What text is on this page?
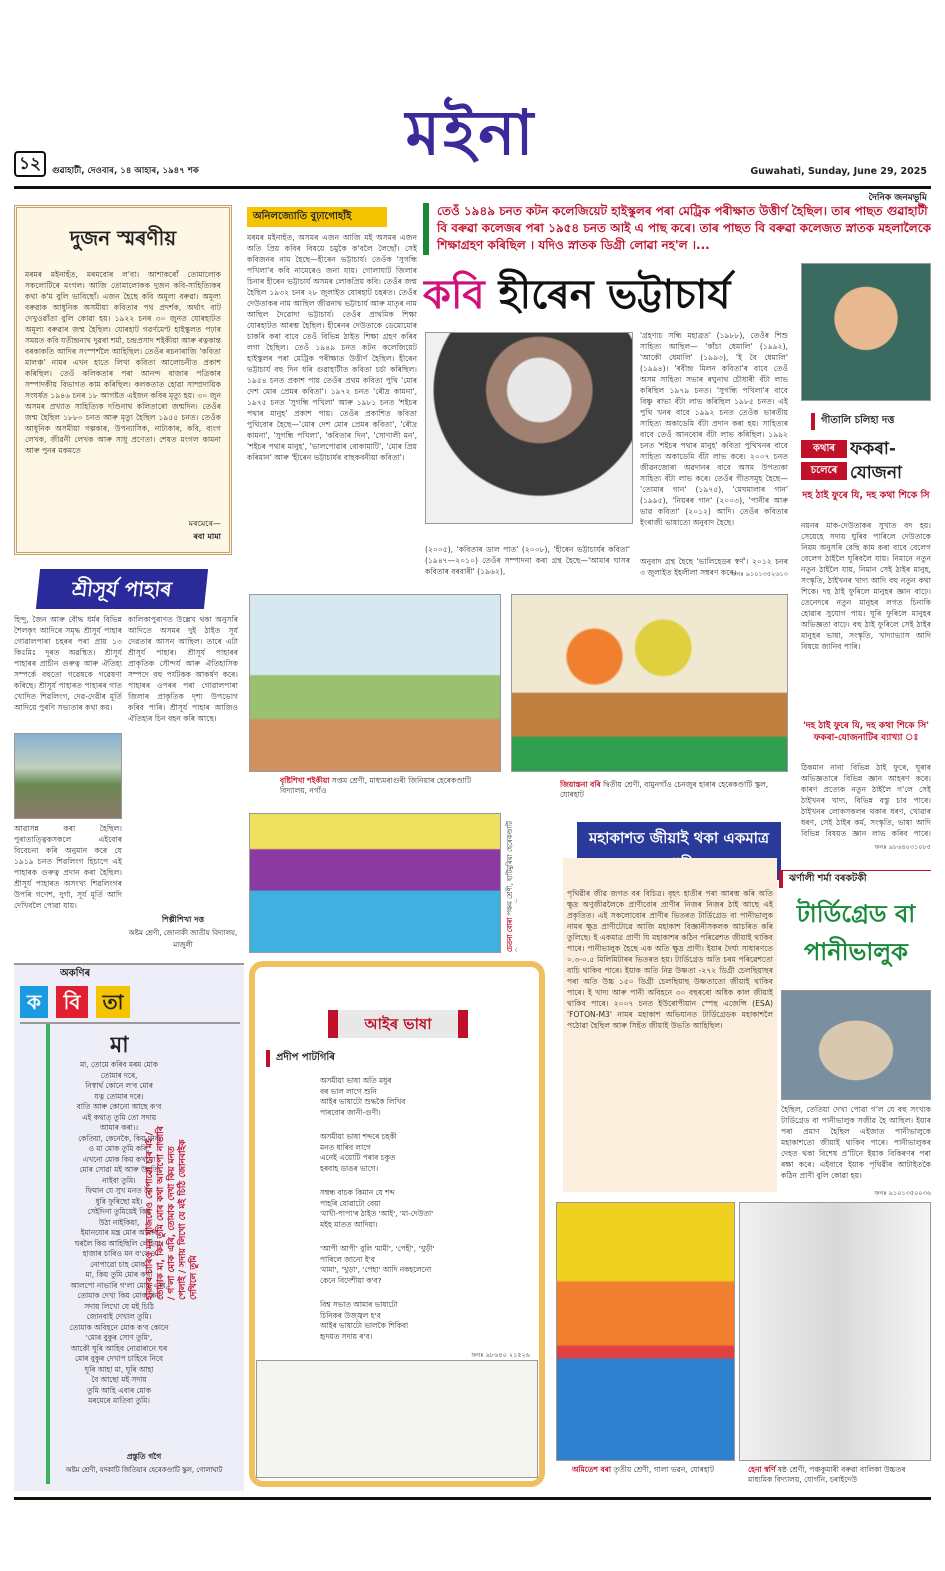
মইনা
১২	গুৱাহাটী, দেওবাৰ, ১৪ আহাৰ, ১৯৪৭ শক	Guwahati, Sunday, June 29, 2025
দৈনিক জনমভূমি
দুজন স্মৰণীয়
মৰমৰ মইনাহঁত, মৰমবোৰ ল'বা। আশাকৰোঁ তোমালোক সকলোটিৰে মংগল। আজি তোমালোকক দুজন কবি-সাহিত্যিকৰ কথা ক'ম বুলি ভাবিছোঁ। এজন হৈছে কবি অমূল্য বৰুৱা। অমূল্য বৰুৱাক আধুনিক অসমীয়া কবিতাৰ পথ প্ৰদৰ্শক, অৰ্থাৎ বাট দেখুওৱাঁতা বুলি কোৱা হয়। ১৯২২ চনৰ ৩০ জুনত যোৰহাটত অমূল্য বৰুৱাৰ জন্ম হৈছিল। যোৰহাট গৱৰ্ণমেণ্ট হাইস্কুলত পঢ়াৰ সময়ত কবি যতীন্দ্ৰনাথ দুৱৰা শৰ্মা, চন্দ্ৰপ্ৰসাদ শইকীয়া আৰু ৰত্নকান্ত বৰকাকতি আদিৰ সংস্পৰ্শলৈ আহিছিল। তেওঁৰ ৰচনাৰাজি 'কবিতা মালঞ্চ' নামৰ এখন হাতে লিখা কবিতা আলোচনীত প্ৰকাশ কৰিছিল। তেওঁ কলিকতাৰ পৰা আনন্দ বাজাৰ পত্ৰিকাৰ সম্পাদকীয় বিভাগত কাম কৰিছিল। কলকতাত হোৱা সাম্প্ৰদায়িক সংঘৰ্ষত ১৯৪৬ চনৰ ১৮ আগষ্টত এইজন কবিৰ মৃত্যু হয়। ৩০ জুন অসমৰ প্ৰখ্যাত সাহিত্যিক দণ্ডিনাথ কলিতাৰো জন্মদিন। তেওঁৰ জন্ম হৈছিল ১৮৮০ চনত আৰু মৃত্যু হৈছিল ১৯৫৫ চনত। তেওঁক আধুনিক অসমীয়া গল্পকাৰ, উপন্যাসিক, নাট্যকাৰ, কবি, ব্যংগ লেখক, জীৱনী লেখক আৰু সাধু প্ৰণেতা। শেষত মংগল কামনা আৰু পুনৰ মকমতে
মৰমেৰে—
ৰবা মামা
শ্ৰীসূৰ্য পাহাৰ
হিন্দু, জৈন আৰু বৌদ্ধ ধৰ্মৰ বিভিন্ন শৈলকৃৎ আদিৰে সমৃদ্ধ শ্ৰীসূৰ্য পাহাৰ গোৱালপাৰা চহৰৰ পৰা প্ৰায় ১৩ কিঃমিঃ দূৰত অৱস্থিত। শ্ৰীসূৰ্য পাহাৰৰ প্ৰাচীন গুৰুত্ব আৰু ঐতিহ্য সম্পৰ্কে বহুতো গৱেষকে গৱেষণা কৰিছে। শ্ৰীসূৰ্য পাহাৰত পাহাৰৰ গাত খোদিত শিৱলিংগ, দেৱ-দেৱীৰ মূৰ্তি আদিয়ে পুৰণি সভ্যতাৰ কথা কয়।
আৱাসন্ন কৰা হৈছিল। পুৰাতাত্ত্বিকসকলে এইবোৰ বিবেচনা কৰি অনুমান কৰে যে ১৯১৯ চনত শিৱলিংগ হিচাপে এই পাহাৰক গুৰুত্ব প্ৰদান কৰা হৈছিল। শ্ৰীসূৰ্য পাহাৰত অসংখ্য শিৱলিংগৰ উপৰি গণেশ, দুৰ্গা, সূৰ্য মূৰ্তি আদি দেখিবলৈ পোৱা যায়।
কালিকাপুৰাণত উল্লেখ থকা অনুসৰি আদিতে অসমৰ দুই ঠাইত সূৰ্য দেৱতাৰ আসন আছিল। তাৰে এটা শ্ৰীসূৰ্য পাহাৰ। শ্ৰীসূৰ্য পাহাৰৰ প্ৰাকৃতিক সৌন্দৰ্য আৰু ঐতিহাসিক সম্পদে বহু পৰ্যটকক আকৰ্ষণ কৰে। পাহাৰৰ ওপৰৰ পৰা গোৱালপাৰা জিলাৰ প্ৰাকৃতিক দৃশ্য উপভোগ কৰিব পাৰি। শ্ৰীসূৰ্য পাহাৰ আজিও ঐতিহ্যৰ চিন বহন কৰি আছে।
শিল্পীশিখা দত্ত
অষ্টম শ্ৰেণী, জোনাকী জাতীয় বিদ্যালয়, মাজুলী
অকণিৰ
ক	বি	তা
মা
মা, তোমে কৰিব মৰম মোক
তোমাৰ দৰে,
নিস্বাৰ্থ কোনে ল'ব মোৰ
যত্ন তোমাৰ দৰে।
বাতি আৰু কোনো আছে ক'ব
এই কথাত্ তুমি তো সদায়
আমাৰ কৰা।।
কেতিয়া, কেনেকৈ, কিয় থাক
ও মা মোক তুমি কৰি,
এখনো মোক কিয় কখনো
মোৰ সোৱা মই আৰু উমতি
নাইবা তুমি।
ফিমান যে সুখ মনত তৈ
ধুৰি ফুৰিছো মই।
সেইদিনা তুমিয়েই কিয়
উঠা নাইকিয়া,
ইমানযোৰ মন্ত্ৰ মোৰ আমাৰ
ঘৰলৈ কিয় আহিছিলি লেহিয়া।
হাজাৰ চাৰিও মন ব'লেও
নোপাৱো চাহ মোক,
মা, কিয় তুমি মোৰ কথা
আলপো নাভাৰি গ'লা মোক এৰি,
তোমাক দেখা কিয় মোক কিয়
সদায় লিখো যে মই চিঠি
জোনবাই দেখাল তুমি।
তোমাক অবিহনে মোক ক'ব কোনে
'মোৰ বুকুৰ সোণ তুমি',
আকৌ ঘূৰি আহিব নোৱাৰানে ঘৰ
মোৰ বুকুৰ দেখাপ চাহিবে নিবে
ঘূৰি আহা মা, ঘূৰি আহা
বৈ আছো মই সদায়
তুমি আহি এবাৰ মোক
মৰমেৰে মাতিবা তুমি।
হাজাৰ চাৰিও মন খুজিলেও নোপাৱো চাৰ মই / তোমাক মা, কিয় তুমি মোৰ কথা আলপো নাভাৰি / গ'লা মোক এৰি, তোমাক দেখা কিয় মনত পেলাই / সদায় লিখো যে মই চিঠি জোনবাইক দেখিলে তুমি
প্ৰস্তুতি গগৈ
অষ্টম শ্ৰেণী, যদকাটি জিতিয়াৰ হেৰেকণ্ডাটি স্কুল, গোলাঘাট
অনিলজ্যোতি বুঢ়াগোহাঁই	তেওঁ ১৯৪৯ চনত কটন কলেজিয়েট হাইস্কুলৰ পৰা মেট্ৰিক পৰীক্ষাত উত্তীৰ্ণ হৈছিল। তাৰ পাছত গুৱাহাটী বি বৰুৱা কলেজৰ পৰা ১৯৫৪ চনত আই এ পাছ কৰে। তাৰ পাছত বি বৰুৱা কলেজত স্নাতক মহলালৈকে শিক্ষাগ্ৰহণ কৰিছিল । যদিও স্নাতক ডিগ্ৰী লোৱা নহ'ল ।...
কবি হীৰেন ভট্টাচাৰ্য
মৰমৰ মইনাহঁত, অসমৰ এজন আজি মই অসমৰ এজন অতি প্ৰিয় কবিৰ বিষয়ে চমুকৈ ক'বলৈ লৈছোঁ। সেই কবিজনৰ নাম হৈছে—হীৰেন ভট্টাচাৰ্য। তেওঁক 'সুগন্ধি পখিলা'ৰ কবি নামেৰেও জনা যায়। গোলাঘাট জিলাৰ চিনাৰ হীৰেন ভট্টাচাৰ্য অসমৰ লোকপ্ৰিয় কবি। তেওঁৰ জন্ম হৈছিল ১৯৩২ চনৰ ২৮ জুলাইত যোৰহাট চহৰত। তেওঁৰ দেউতাকৰ নাম আছিল জীৱনাথ ভট্টাচাৰ্য আৰু মাতৃৰ নাম আছিল দৈৱোদা ভট্টাচাৰ্য। তেওঁৰ প্ৰাথমিক শিক্ষা যোৰহাটত আৰম্ভ হৈছিল। হীৰেনৰ দেউতাকে ডেমোমোৰ চাকৰি কৰা বাবে তেওঁ বিভিন্ন ঠাইত শিক্ষা গ্ৰহণ কৰিব লগা হৈছিল। তেওঁ ১৯৪৯ চনত কটন কলেজিয়েট হাইস্কুলৰ পৰা মেট্ৰিক পৰীক্ষাত উত্তীৰ্ণ হৈছিল। হীৰেন ভট্টাচাৰ্য বহু দিন ধৰি গুৱাহাটীত কবিতা চৰ্চা কৰিছিল। ১৯৫৪ চনত প্ৰকাশ পায় তেওঁৰ প্ৰথম কবিতা পুথি 'মোৰ দেশ মোৰ প্ৰেমৰ কবিতা'। ১৯৭২ চনত 'ৰৌদ্ৰ কামনা', ১৯৭৫ চনত 'সুগন্ধি পখিলা' আৰু ১৯৮১ চনত 'শইচৰ পথাৰ মানুহ' প্ৰকাশ পায়। তেওঁৰ প্ৰকাশিত কবিতা পুথিবোৰ হৈছে—'মোৰ দেশ মোৰ প্ৰেমৰ কবিতা', 'ৰৌদ্ৰ কামনা', 'সুগন্ধি পখিলা', 'কবিতাৰ দিন', 'সোণালী মন', 'শইচৰ পথাৰ মানুহ', 'ভালপোৱাৰ বোকামাটি', 'মোৰ প্ৰিয় কৰিমান' আৰু 'হীৰেন ভট্টাচাৰ্যৰ বাছকবনীয়া কবিতা'।
'গ্ৰহণ্যচ সন্ধি মহাব্ৰত' (১৯৮৮), তেওঁৰ শিশু সাহিত্য আছিল— 'কাঁচা ধেমালি' (১৯৯২), 'আকৌ ধেমালি' (১৯৯৩), 'ই বৈ ধেমালি' (১৯৯৪)। 'ৰবীন্দ্ৰ মিলন কবিতা'ৰ বাবে তেওঁ অসম সাহিত্য সভাৰ ৰঘুনাথ চৌধাৰী বঁটা লাভ কৰিছিল ১৯৭৯ চনত। 'সুগন্ধি পখিলা'ৰ বাবে বিষ্ণু ৰাভা বঁটা লাভ কৰিছিল ১৯৮৫ চনত। এই পুথি খনৰ বাবে ১৯৯২ চনত তেওঁক ভাৰতীয় সাহিত্য অকাডেমি বঁটা প্ৰদান কৰা হয়। সাহিত্যৰ বাবে তেওঁ আনবোৰ বঁটা লাভ কৰিছিল। ১৯৯২ চনত 'শইচৰ পথাৰ মানুহ' কবিতা পুথিখনৰ বাবে সাহিত্য অকাডেমি বঁটা লাভ কৰে। ২০০৭ চনত জীৱনজোৰা অৱদানৰ বাবে অসম উপত্যকা সাহিত্য বঁটা লাভ কৰে। তেওঁৰ গীতসমূহ হৈছে— 'তোমাৰ গান' (১৯৭৫), 'মেঘমালাৰ গান' (১৯৯৫), 'নিয়ৰৰ গান' (২০০৩), 'পানীৰ আৰু ভাৱ কবিতা' (২০১২) আদি। তেওঁৰ কবিতাৰ ইংৰাজী ভাষাতো অনুবাদ হৈছে।
(২০০৫), 'কবিতাৰ ডাল পাত' (২০০৮), 'হীৰেন ভট্টাচাৰ্যৰ কবিতা' (১৯৪৭—২০১০) তেওঁৰ সম্পাদনা কৰা গ্ৰন্থ হৈছে—'আমাৰ ঘাসৰ কবিতাৰ বৰবাৰী' (১৯৬২),
অনুবাদ গ্ৰন্থ হৈছে 'ভালিহেডৰ স্বৰ্ণ'। ২০১২ চনৰ ৩ জুলাইত ইহলীলা সম্বৰণ কৰে।
ফনঃ ৯১০১৩৫২৬১৩
গীতালি চলিহা দত্ত
কথাৰ
চলেৰে
ফকৰা-যোজনা
দহ ঠাই ফুৰে যি, দহ কথা শিকে সি
নয়নৰ মাক-দেউতাকৰ সুখাত বদ হয়। সেয়েহে সদায় ঘুৰিব পাৰিলে দেউতাকে নিয়ম অনুসৰি বেছি কাম কৰা বাবে বেলেগ বেলেগ ঠাইলৈ ঘূৰিবলৈ যায়। নিমানে নতুন নতুন ঠাইলৈ যায়, নিমান সেই ঠাইৰ মানুহ, সংস্কৃতি, ঠাইখনৰ খাদ্য আদি বহু নতুন কথা শিকে। দহ ঠাই ফুৰিলে মানুহৰ জ্ঞান বাঢ়ে। তেনেদৰে নতুন মানুহৰ লগত চিনাকি হোৱাৰ সুযোগ পায়। ঘূৰি ফুৰিলে মানুহৰ অভিজ্ঞতা বাঢ়ে। বহু ঠাই ফুৰিলে সেই ঠাইৰ মানুহৰ ভাষা, সংস্কৃতি, খাদ্যাভ্যাস আদি বিষয়ে জানিব পাৰি।
'দহ ঠাই ফুৰে যি, দহ কথা শিকে সি' ফকৰা-যোজনাটিৰ ব্যাখ্যা ঃ
ঠিকমান নানা বিভিন্ন ঠাই ফুৰে, ঘূৰাৰ অভিজ্ঞতাৰে বিভিন্ন জ্ঞান আহৰণ কৰে। কাৰণ প্ৰত্যেক নতুন ঠাইলৈ গ'লে সেই ঠাইখনৰ খাদ্য, বিভিন্ন বস্তু চাব পাৰে। ঠাইখনৰ লোকসকলৰ থকাৰ ধৰণ, খোৱাৰ ধৰণ, সেই ঠাইৰ কৰ্ম, সংস্কৃতি, ভাষা আদি বিভিন্ন বিষয়ত জ্ঞান লাভ কৰিব পাৰে।
ফনঃ ৯৮৬৪০৩১০৮৫
বৃষ্টিশিখা শইকীয়া সপ্তম শ্ৰেণী, মাধ্যমৰাগুৰী জিনিয়াৰ হেৰেকণ্ডাটি বিদ্যালয়, নগাঁও
জিয়াস্তনা বৰি দ্বিতীয় শ্ৰেণী, বামুনগাঁও চেনজুৰ হাৰাৰ হেৰেকণ্ডাটি স্কুল, যোৰহাট
চেতনা বোৰা পঞ্চম শ্ৰেণী, হাটিমুৰিয়া হেৰেকণ্ডাটি	মহাকাশত জীয়াই থকা একমাত্ৰ
পৃথিৱীৰ জীৱ জগত বৰ বিচিত্ৰ। বৃহৎ হাতীৰ পৰা আৰম্ভ কৰি অতি ক্ষুদ্ৰ অণুজীৱলৈকে প্ৰাণীবোৰ প্ৰাণীৰ নিজৰ নিজৰ ঠাই আছে এই প্ৰকৃতিত। এই সকলোবোৰ প্ৰাণীৰ ভিতৰত টাৰ্ডিগ্ৰেড বা পানীভালুক নামৰ ক্ষুদ্ৰ প্ৰাণীটোৱে আজি মহাকাশ বিজ্ঞানীসকলক আচৰিত কৰি তুলিছে। ই একমাত্ৰ প্ৰাণী যি মহাকাশৰ কঠিন পৰিৱেশত জীয়াই থাকিব পাৰে। পানীভালুক হৈছে এক অতি ক্ষুদ্ৰ প্ৰাণী। ইয়াৰ দৈৰ্ঘ্য সাধাৰণতে ০.৩-০.৫ মিলিমিটাৰৰ ভিতৰত হয়। টাৰ্ডিগ্ৰেড অতি চৰম পৰিৱেশতো বাচি থাকিব পাৰে। ইয়াক অতি নিম্ন উষ্ণতা -২৭২ ডিগ্ৰী চেলছিয়াছৰ পৰা অতি উচ্চ ১৫০ ডিগ্ৰী চেলছিয়াছ উষ্ণতাতো জীয়াই থাকিব পাৰে। ই খাদ্য আৰু পানী অবিহনে ৩০ বছৰৰো অধিক কাল জীয়াই থাকিব পাৰে। ২০০৭ চনত ইউৰোপীয়ান স্পেছ এজেন্সি (ESA) 'FOTON-M3' নামৰ মহাকাশ অভিযানত টাৰ্ডিগ্ৰেডক মহাকাশলৈ পঠোৱা হৈছিল আৰু সিহঁত জীয়াই উভতি আহিছিল।
ঝৰ্ণালী শৰ্মা বৰকটকী
টাৰ্ডিগ্ৰেড বা পানীভালুক
হৈছিল, তেতিয়া দেখা পোৱা গ'ল যে বহু সংখ্যক টাৰ্ডিগ্ৰেড বা পানীভালুক সজীৱ হৈ আছিল। ইয়াৰ পৰা প্ৰমাণ হৈছিল এইজাত পানীভালুকে মহাকাশতো জীয়াই থাকিব পাৰে। পানীভালুকৰ দেহত থকা বিশেষ প্ৰ'টিনে ইয়াক বিকিৰণৰ পৰা ৰক্ষা কৰে। এইবাবে ইয়াক পৃথিৱীৰ আটাইতকৈ কঠিন প্ৰাণী বুলি কোৱা হয়।
ফনঃ ৯১০১৩৫০০৩৬
আইৰ ভাষা
প্ৰদীপ পাটগিৰি
অসমীয়া ভাষা অতি মধুৰ
বৰ ভাল লাগে শুনি
আইৰ ভাষাটো শুদ্ধকৈ লিখিব
পাৰবোৰ জানী-গুণী।
অসমীয়া ভাষা শব্দৰে চহকী
মনত ধাৰিব লাগে
এনেই এয়োটি পৰাৰ চকুত
হৰবাহ ডাঙৰ ভাগে।
সম্বন্ধ বাচক কিমান যে শব্দ
পাহৰি যোৱাটো বেয়া
'মাখী-পাপা'ৰ ঠাইত 'আই', 'মা-দেউতা'
মইহ মাতত আদিয়া।
'আপী আপী' বুলি 'মামী', 'পেহী', 'খুড়ী'
পাৰিলে জানো ই'ব
'মামা', 'খুড়া', 'পেহা' আদি নকহলেনো
কেনে বিদেশীয়া ক'ব?
বিশ্ব সভাত আমাৰ ভাষাটো
চিনিকৰ উজ্জ্বল হ'ব
আইৰ ভাষাটো ভালকৈ শিকিবা
হৃদয়ত সদায় ৰ'ব।
ফনঃ ৯৮৬৪০ ২১৫২৬
অমিতেশ বৰা তৃতীয় শ্ৰেণী, গালা ভৱন, যোৰহাট	হেনা স্বৰ্ণি ষষ্ঠ শ্ৰেণী, পঞ্চকুমাৰী বৰুৱা বালিকা উচ্চতৰ মাধ্যমিক বিদ্যালয়, যোৰ্গনি, চৰাইদেউ
